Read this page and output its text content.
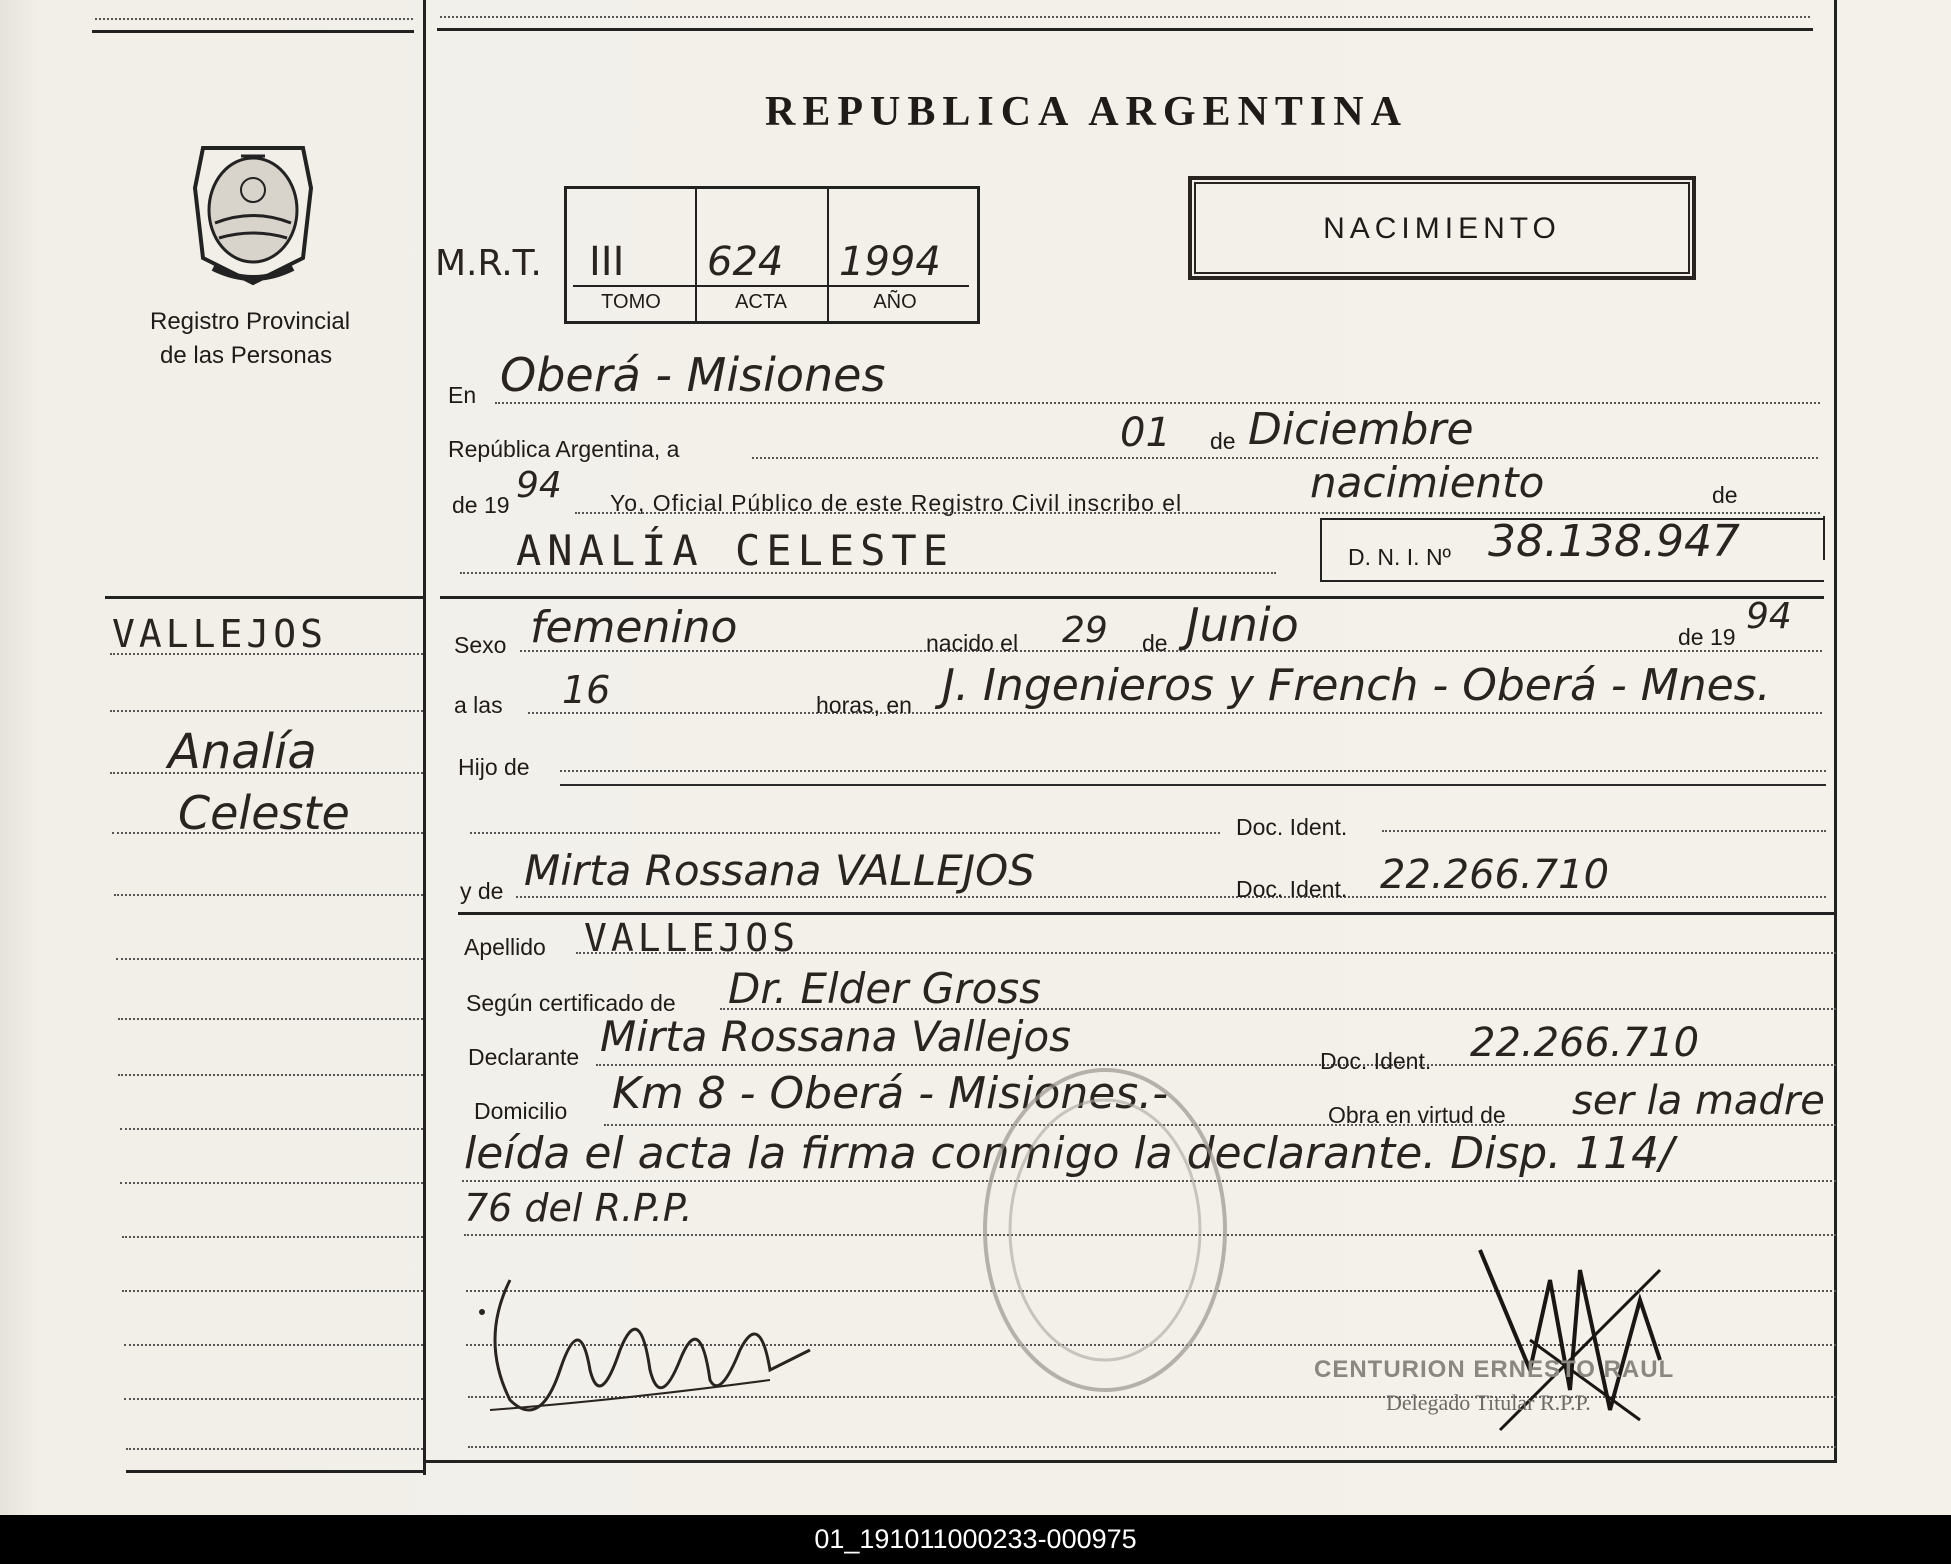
Registro Provincial
de las Personas
REPUBLICA ARGENTINA
NACIMIENTO
M.R.T. III 624 1994
TOMO	ACTA	AÑO
En Oberá - Misiones
República Argentina, a	01 de Diciembre
de 19 94 Yo, Oficial Público de este Registro Civil inscribo el	nacimiento	de
ANALÍA CELESTE	D. N. I. Nº 38.138.947
VALLEJOS
Analía
Celeste
Sexo femenino	nacido el 29 de Junio	de 19 94
a las 16	horas, en J. Ingenieros y French - Oberá - Mnes.
Hijo de
Doc. Ident.
y de Mirta Rossana VALLEJOS	Doc. Ident. 22.266.710
Apellido VALLEJOS
Según certificado de Dr. Elder Gross
Declarante Mirta Rossana Vallejos	Doc. Ident. 22.266.710
Domicilio Km 8 - Oberá - Misiones.-	Obra en virtud de ser la madre
leída el acta la firma conmigo la declarante. Disp. 114/
76 del R.P.P.
CENTURION ERNESTO RAUL
Delegado Titular R.P.P.
01_191011000233-000975
